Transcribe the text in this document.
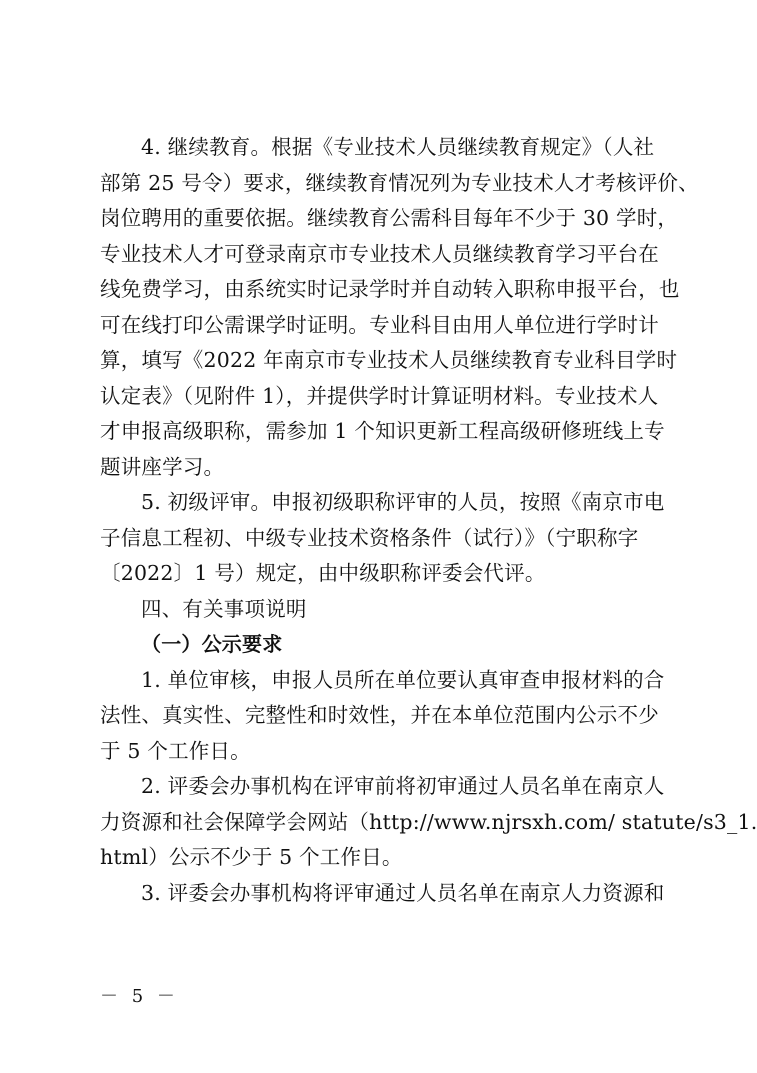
4. 继续教育。根据《专业技术人员继续教育规定》（人社
部第 25 号令）要求，继续教育情况列为专业技术人才考核评价、
岗位聘用的重要依据。继续教育公需科目每年不少于 30 学时，
专业技术人才可登录南京市专业技术人员继续教育学习平台在
线免费学习，由系统实时记录学时并自动转入职称申报平台，也
可在线打印公需课学时证明。专业科目由用人单位进行学时计
算，填写《2022 年南京市专业技术人员继续教育专业科目学时
认定表》（见附件 1），并提供学时计算证明材料。专业技术人
才申报高级职称，需参加 1 个知识更新工程高级研修班线上专
题讲座学习。
5. 初级评审。申报初级职称评审的人员，按照《南京市电
子信息工程初、中级专业技术资格条件（试行）》（宁职称字
〔2022〕1 号）规定，由中级职称评委会代评。
四、有关事项说明
（一）公示要求
1. 单位审核，申报人员所在单位要认真审查申报材料的合
法性、真实性、完整性和时效性，并在本单位范围内公示不少
于 5 个工作日。
2. 评委会办事机构在评审前将初审通过人员名单在南京人
力资源和社会保障学会网站（http://www.njrsxh.com/ statute/s3_1.
html）公示不少于 5 个工作日。
3. 评委会办事机构将评审通过人员名单在南京人力资源和
－ 5 －
